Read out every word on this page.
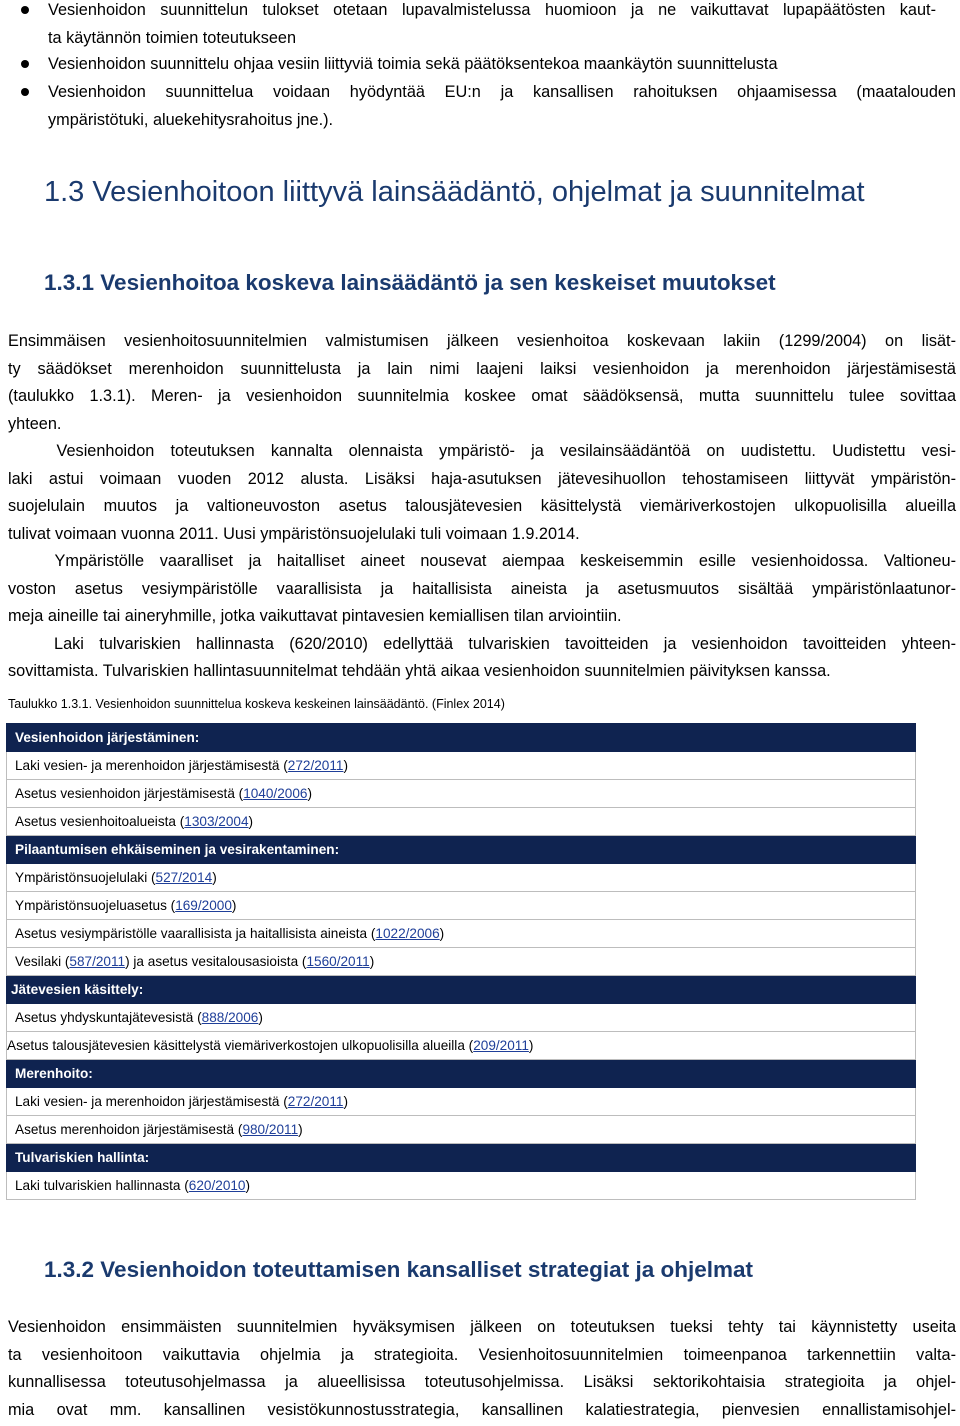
Vesienhoidon suunnittelun tulokset otetaan lupavalmistelussa huomioon ja ne vaikuttavat lupapäätösten kaut-
ta käytännön toimien toteutukseen
Vesienhoidon suunnittelu ohjaa vesiin liittyviä toimia sekä päätöksentekoa maankäytön suunnittelusta
Vesienhoidon suunnittelua voidaan hyödyntää EU:n ja kansallisen rahoituksen ohjaamisessa (maatalouden
ympäristötuki, aluekehitysrahoitus jne.).
1.3 Vesienhoitoon liittyvä lainsäädäntö, ohjelmat ja suunnitelmat
1.3.1 Vesienhoitoa koskeva lainsäädäntö ja sen keskeiset muutokset
Ensimmäisen vesienhoitosuunnitelmien valmistumisen jälkeen vesienhoitoa koskevaan lakiin (1299/2004) on lisät-
ty säädökset merenhoidon suunnittelusta ja lain nimi laajeni laiksi vesienhoidon ja merenhoidon järjestämisestä
(taulukko 1.3.1). Meren- ja vesienhoidon suunnitelmia koskee omat säädöksensä, mutta suunnittelu tulee sovittaa
yhteen.
Vesienhoidon toteutuksen kannalta olennaista ympäristö- ja vesilainsäädäntöä on uudistettu. Uudistettu vesi-
laki astui voimaan vuoden 2012 alusta. Lisäksi haja-asutuksen jätevesihuollon tehostamiseen liittyvät ympäristön-
suojelulain muutos ja valtioneuvoston asetus talousjätevesien käsittelystä viemäriverkostojen ulkopuolisilla alueilla
tulivat voimaan vuonna 2011. Uusi ympäristönsuojelulaki tuli voimaan 1.9.2014.
Ympäristölle vaaralliset ja haitalliset aineet nousevat aiempaa keskeisemmin esille vesienhoidossa. Valtioneu-
voston asetus vesiympäristölle vaarallisista ja haitallisista aineista ja asetusmuutos sisältää ympäristönlaatunor-
meja aineille tai aineryhmille, jotka vaikuttavat pintavesien kemiallisen tilan arviointiin.
Laki tulvariskien hallinnasta (620/2010) edellyttää tulvariskien tavoitteiden ja vesienhoidon tavoitteiden yhteen-
sovittamista. Tulvariskien hallintasuunnitelmat tehdään yhtä aikaa vesienhoidon suunnitelmien päivityksen kanssa.
Taulukko 1.3.1. Vesienhoidon suunnittelua koskeva keskeinen lainsäädäntö. (Finlex 2014)
Vesienhoidon järjestäminen:
Laki vesien- ja merenhoidon järjestämisestä (272/2011)
Asetus vesienhoidon järjestämisestä (1040/2006)
Asetus vesienhoitoalueista (1303/2004)
Pilaantumisen ehkäiseminen ja vesirakentaminen:
Ympäristönsuojelulaki (527/2014)
Ympäristönsuojeluasetus (169/2000)
Asetus vesiympäristölle vaarallisista ja haitallisista aineista (1022/2006)
Vesilaki (587/2011) ja asetus vesitalousasioista (1560/2011)
Jätevesien käsittely:
Asetus yhdyskuntajätevesistä (888/2006)
Asetus talousjätevesien käsittelystä viemäriverkostojen ulkopuolisilla alueilla (209/2011)
Merenhoito:
Laki vesien- ja merenhoidon järjestämisestä (272/2011)
Asetus merenhoidon järjestämisestä (980/2011)
Tulvariskien hallinta:
Laki tulvariskien hallinnasta (620/2010)
1.3.2 Vesienhoidon toteuttamisen kansalliset strategiat ja ohjelmat
Vesienhoidon ensimmäisten suunnitelmien hyväksymisen jälkeen on toteutuksen tueksi tehty tai käynnistetty useita
ta vesienhoitoon vaikuttavia ohjelmia ja strategioita. Vesienhoitosuunnitelmien toimeenpanoa tarkennettiin valta-
kunnallisessa toteutusohjelmassa ja alueellisissa toteutusohjelmissa. Lisäksi sektorikohtaisia strategioita ja ohjel-
mia ovat mm. kansallinen vesistökunnostusstrategia, kansallinen kalatiestrategia, pienvesien ennallistamisohjel-
